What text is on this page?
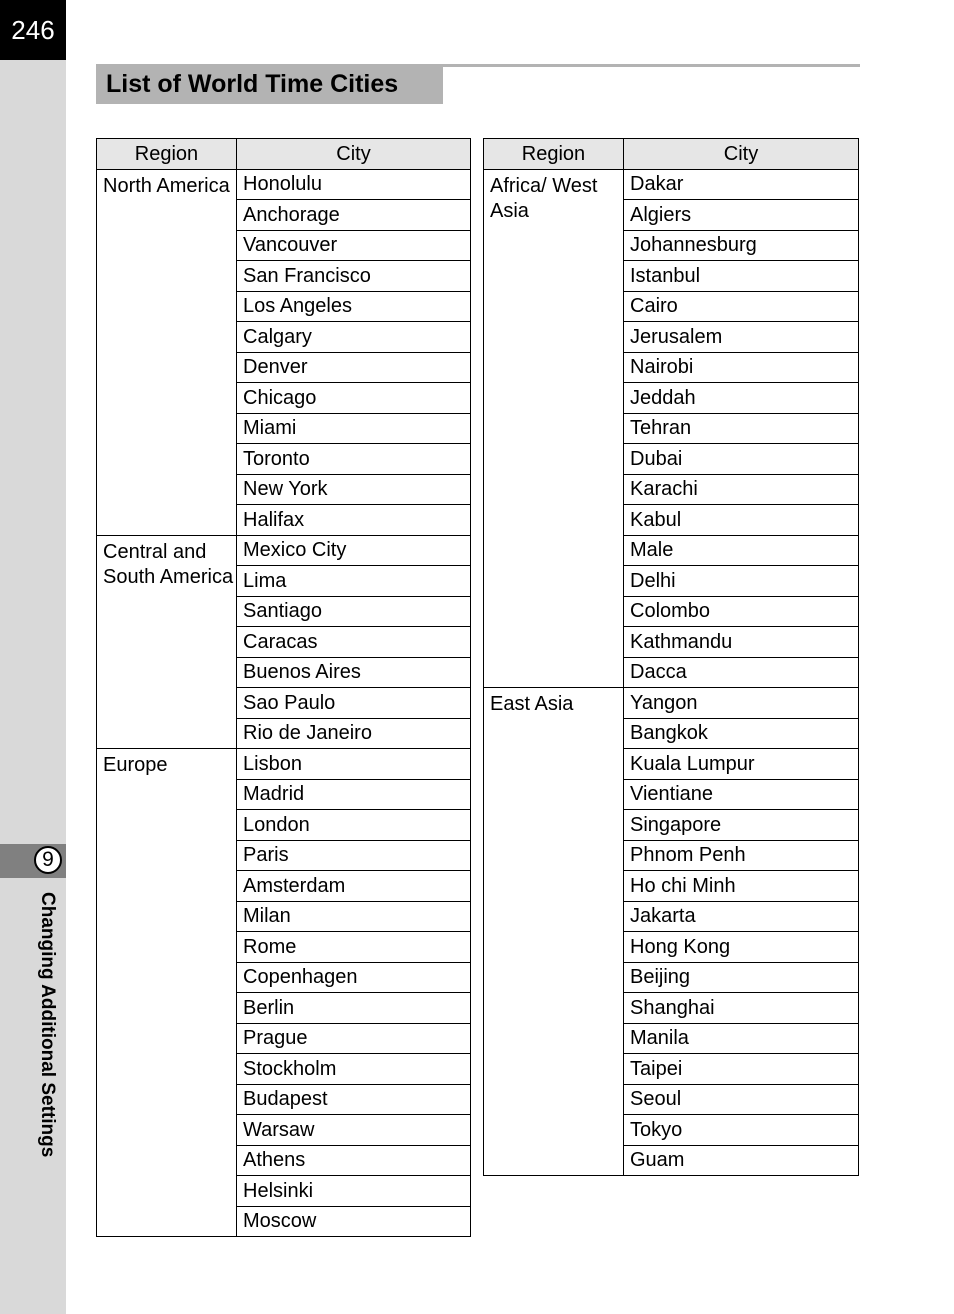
246
9
Changing Additional Settings
List of World Time Cities
Region	City
North America	Honolulu
	Anchorage
	Vancouver
	San Francisco
	Los Angeles
	Calgary
	Denver
	Chicago
	Miami
	Toronto
	New York
	Halifax
Central and South America	Mexico City
	Lima
	Santiago
	Caracas
	Buenos Aires
	Sao Paulo
	Rio de Janeiro
Europe	Lisbon
	Madrid
	London
	Paris
	Amsterdam
	Milan
	Rome
	Copenhagen
	Berlin
	Prague
	Stockholm
	Budapest
	Warsaw
	Athens
	Helsinki
	Moscow
Region	City
Africa/ West Asia	Dakar
	Algiers
	Johannesburg
	Istanbul
	Cairo
	Jerusalem
	Nairobi
	Jeddah
	Tehran
	Dubai
	Karachi
	Kabul
	Male
	Delhi
	Colombo
	Kathmandu
	Dacca
East Asia	Yangon
	Bangkok
	Kuala Lumpur
	Vientiane
	Singapore
	Phnom Penh
	Ho chi Minh
	Jakarta
	Hong Kong
	Beijing
	Shanghai
	Manila
	Taipei
	Seoul
	Tokyo
	Guam
